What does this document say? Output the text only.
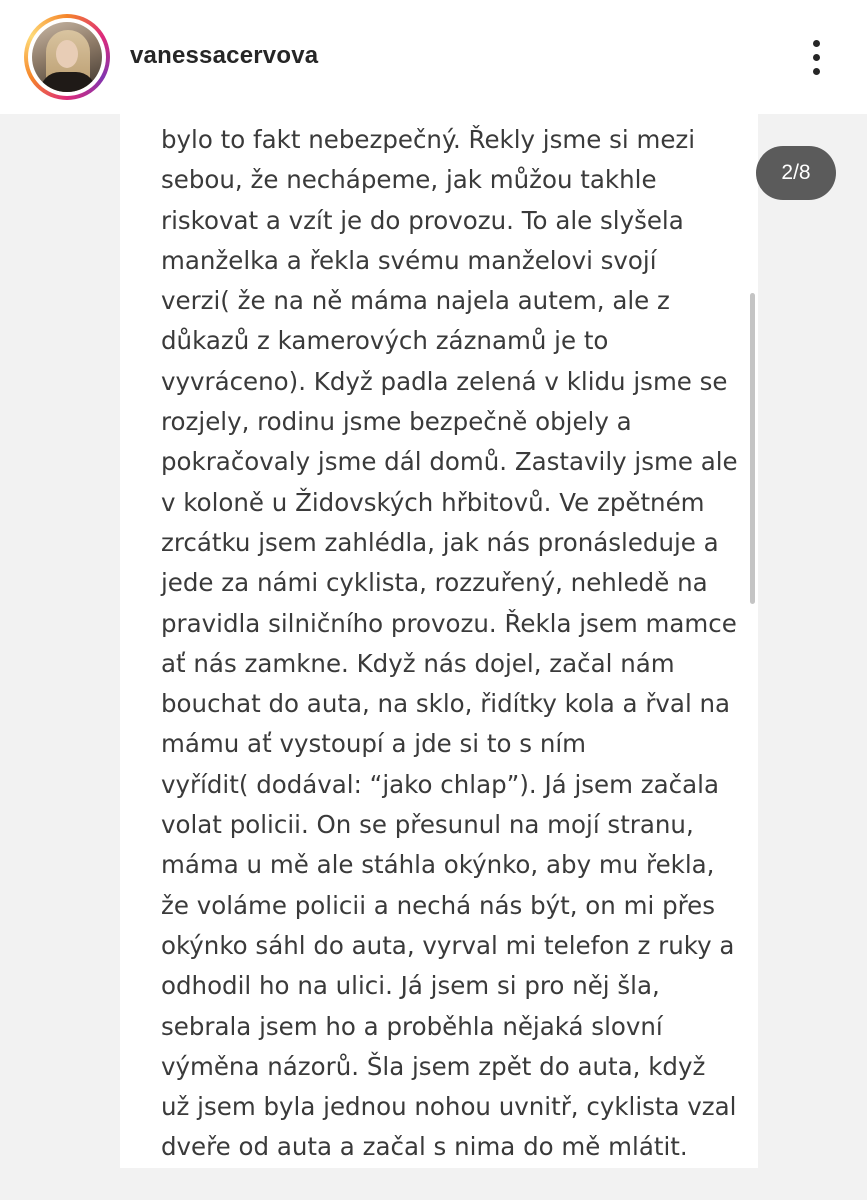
vanessacervova
bylo to fakt nebezpečný. Řekly jsme si mezi
sebou, že nechápeme, jak můžou takhle
riskovat a vzít je do provozu. To ale slyšela
manželka a řekla svému manželovi svojí
verzi( že na ně máma najela autem, ale z
důkazů z kamerových záznamů je to
vyvráceno). Když padla zelená v klidu jsme se
rozjely, rodinu jsme bezpečně objely a
pokračovaly jsme dál domů. Zastavily jsme ale
v koloně u Židovských hřbitovů. Ve zpětném
zrcátku jsem zahlédla, jak nás pronásleduje a
jede za námi cyklista, rozzuřený, nehledě na
pravidla silničního provozu. Řekla jsem mamce
ať nás zamkne. Když nás dojel, začal nám
bouchat do auta, na sklo, řidítky kola a řval na
mámu ať vystoupí a jde si to s ním
vyřídit( dodával: “jako chlap”). Já jsem začala
volat policii. On se přesunul na mojí stranu,
máma u mě ale stáhla okýnko, aby mu řekla,
že voláme policii a nechá nás být, on mi přes
okýnko sáhl do auta, vyrval mi telefon z ruky a
odhodil ho na ulici. Já jsem si pro něj šla,
sebrala jsem ho a proběhla nějaká slovní
výměna názorů. Šla jsem zpět do auta, když
už jsem byla jednou nohou uvnitř, cyklista vzal
dveře od auta a začal s nima do mě mlátit.
2/8
